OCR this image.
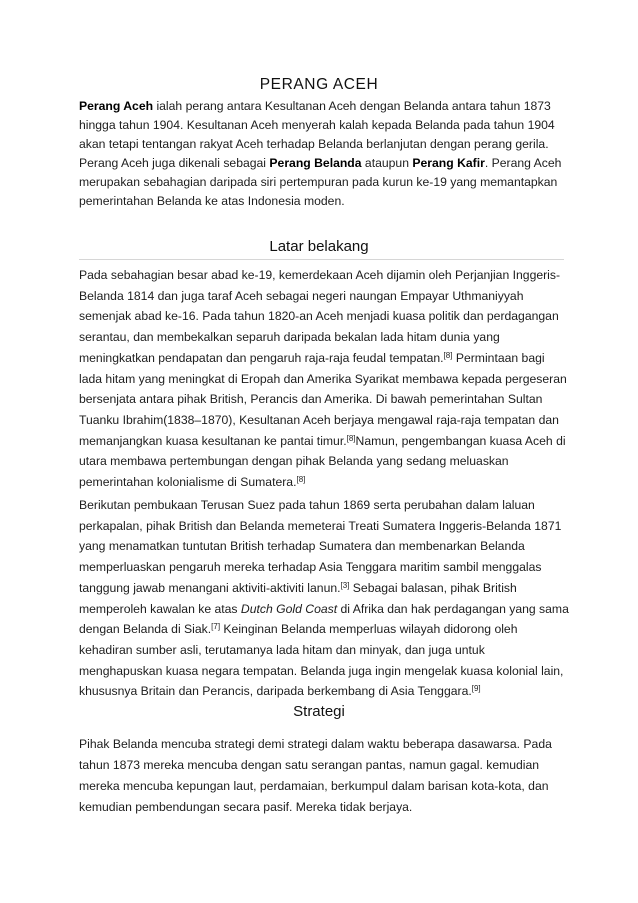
PERANG ACEH

Perang Aceh ialah perang antara Kesultanan Aceh dengan Belanda antara tahun 1873 hingga tahun 1904. Kesultanan Aceh menyerah kalah kepada Belanda pada tahun 1904 akan tetapi tentangan rakyat Aceh terhadap Belanda berlanjutan dengan perang gerila. Perang Aceh juga dikenali sebagai Perang Belanda ataupun Perang Kafir. Perang Aceh merupakan sebahagian daripada siri pertempuran pada kurun ke-19 yang memantapkan pemerintahan Belanda ke atas Indonesia moden.

Latar belakang

Pada sebahagian besar abad ke-19, kemerdekaan Aceh dijamin oleh Perjanjian Inggeris-Belanda 1814 dan juga taraf Aceh sebagai negeri naungan Empayar Uthmaniyyah semenjak abad ke-16. Pada tahun 1820-an Aceh menjadi kuasa politik dan perdagangan serantau, dan membekalkan separuh daripada bekalan lada hitam dunia yang meningkatkan pendapatan dan pengaruh raja-raja feudal tempatan.[8] Permintaan bagi lada hitam yang meningkat di Eropah dan Amerika Syarikat membawa kepada pergeseran bersenjata antara pihak British, Perancis dan Amerika. Di bawah pemerintahan Sultan Tuanku Ibrahim(1838–1870), Kesultanan Aceh berjaya mengawal raja-raja tempatan dan memanjangkan kuasa kesultanan ke pantai timur.[8]Namun, pengembangan kuasa Aceh di utara membawa pertembungan dengan pihak Belanda yang sedang meluaskan pemerintahan kolonialisme di Sumatera.[8]

Berikutan pembukaan Terusan Suez pada tahun 1869 serta perubahan dalam laluan perkapalan, pihak British dan Belanda memeterai Treati Sumatera Inggeris-Belanda 1871 yang menamatkan tuntutan British terhadap Sumatera dan membenarkan Belanda memperluaskan pengaruh mereka terhadap Asia Tenggara maritim sambil menggalas tanggung jawab menangani aktiviti-aktiviti lanun.[3] Sebagai balasan, pihak British memperoleh kawalan ke atas Dutch Gold Coast di Afrika dan hak perdagangan yang sama dengan Belanda di Siak.[7] Keinginan Belanda memperluas wilayah didorong oleh kehadiran sumber asli, terutamanya lada hitam dan minyak, dan juga untuk menghapuskan kuasa negara tempatan. Belanda juga ingin mengelak kuasa kolonial lain, khususnya Britain dan Perancis, daripada berkembang di Asia Tenggara.[9]

Strategi

Pihak Belanda mencuba strategi demi strategi dalam waktu beberapa dasawarsa. Pada tahun 1873 mereka mencuba dengan satu serangan pantas, namun gagal. kemudian mereka mencuba kepungan laut, perdamaian, berkumpul dalam barisan kota-kota, dan kemudian pembendungan secara pasif. Mereka tidak berjaya.
